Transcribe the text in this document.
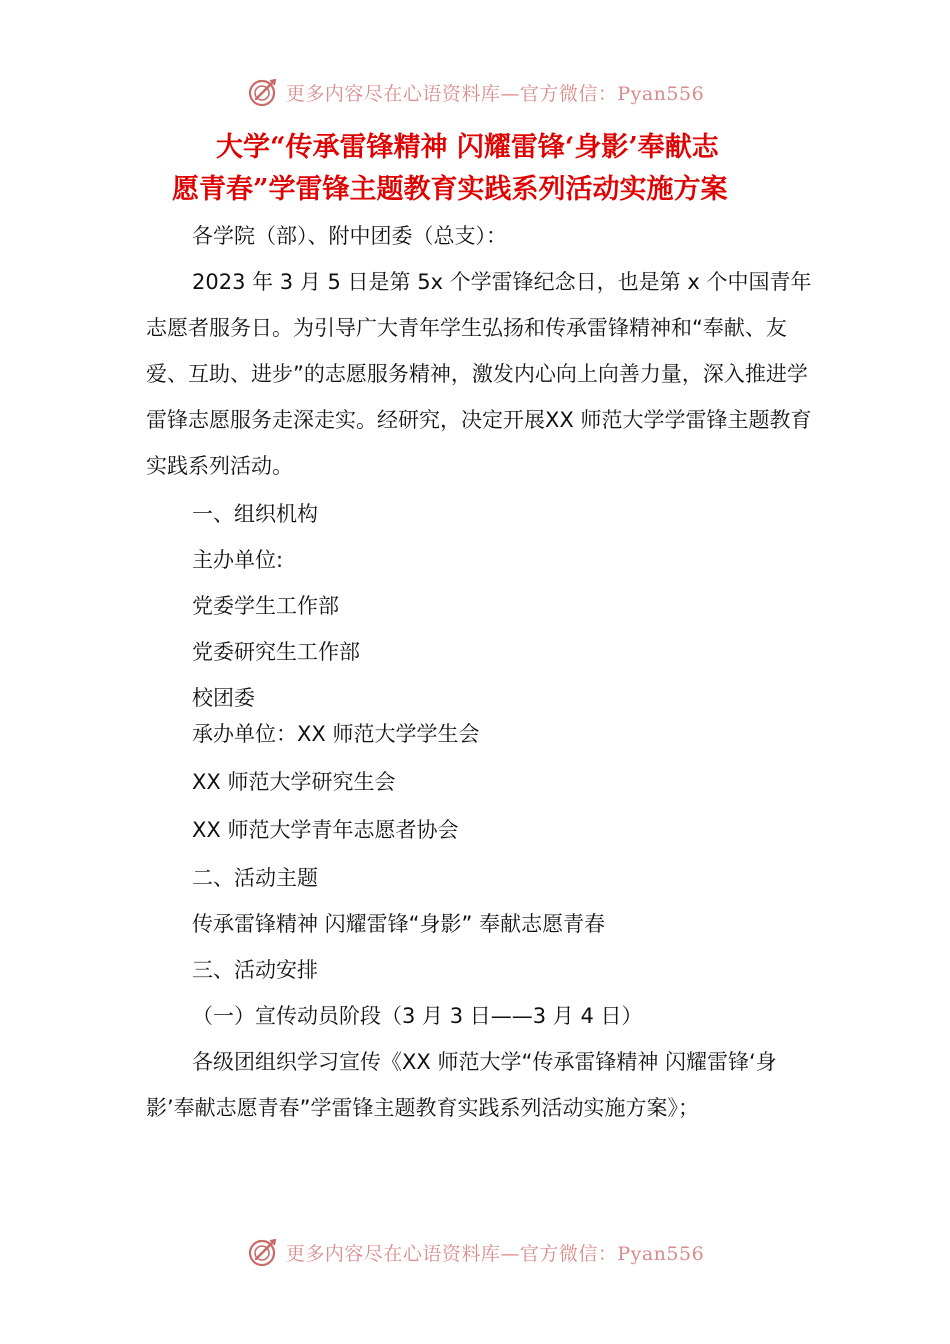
更多内容尽在心语资料库—官方微信：Pyan556
大学“传承雷锋精神 闪耀雷锋‘身影’奉献志
愿青春”学雷锋主题教育实践系列活动实施方案

各学院（部）、附中团委（总支）：

2023 年 3 月 5 日是第 5x 个学雷锋纪念日，也是第 x 个中国青年志愿者服务日。为引导广大青年学生弘扬和传承雷锋精神和“奉献、友爱、互助、进步”的志愿服务精神，激发内心向上向善力量，深入推进学雷锋志愿服务走深走实。经研究，决定开展XX 师范大学学雷锋主题教育实践系列活动。

一、组织机构

主办单位:

党委学生工作部

党委研究生工作部

校团委

承办单位：XX 师范大学学生会

XX 师范大学研究生会

XX 师范大学青年志愿者协会

二、活动主题

传承雷锋精神 闪耀雷锋“身影” 奉献志愿青春

三、活动安排

（一）宣传动员阶段（3 月 3 日——3 月 4 日）

各级团组织学习宣传《XX 师范大学“传承雷锋精神 闪耀雷锋‘身影’奉献志愿青春”学雷锋主题教育实践系列活动实施方案》；

更多内容尽在心语资料库—官方微信：Pyan556
